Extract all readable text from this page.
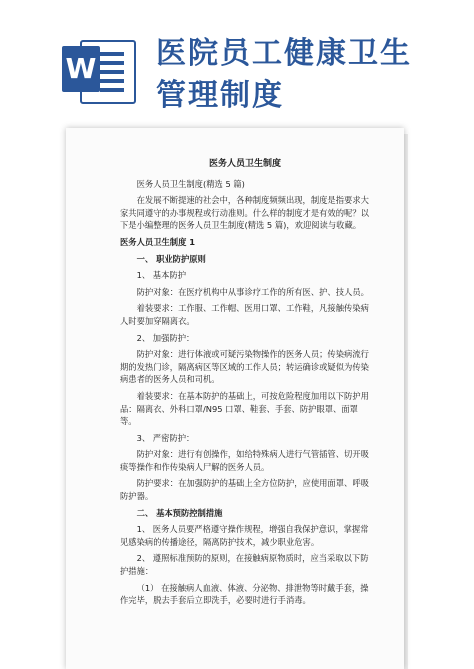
W 医院员工健康卫生
管理制度
医务人员卫生制度

医务人员卫生制度(精选 5 篇)

在发展不断提速的社会中，各种制度频频出现，制度是指要求大家共同遵守的办事规程或行动准则。什么样的制度才是有效的呢？以下是小编整理的医务人员卫生制度(精选 5 篇)，欢迎阅读与收藏。

医务人员卫生制度 1

一、 职业防护原则

1、 基本防护

防护对象：在医疗机构中从事诊疗工作的所有医、护、技人员。

着装要求：工作服、工作帽、医用口罩、工作鞋，凡接触传染病人时要加穿隔离衣。

2、 加强防护：

防护对象：进行体液或可疑污染物操作的医务人员；传染病流行期的发热门诊，隔离病区等区域的工作人员；转运确诊或疑似为传染病患者的医务人员和司机。

着装要求：在基本防护的基础上，可按危险程度加用以下防护用品：隔离衣、外科口罩/N95 口罩、鞋套、手套、防护眼罩、面罩等。

3、 严密防护：

防护对象：进行有创操作，如给特殊病人进行气管插管、切开吸痰等操作和作传染病人尸解的医务人员。

防护要求：在加强防护的基础上全方位防护，应使用面罩、呼吸防护器。

二、 基本预防控制措施

1、 医务人员要严格遵守操作规程，增强自我保护意识，掌握常见感染病的传播途径，隔离防护技术，减少职业危害。

2、 遵照标准预防的原则，在接触病原物质时，应当采取以下防护措施：

（1） 在接触病人血液、体液、分泌物、排泄物等时戴手套，操作完毕，脱去手套后立即洗手，必要时进行手消毒。
